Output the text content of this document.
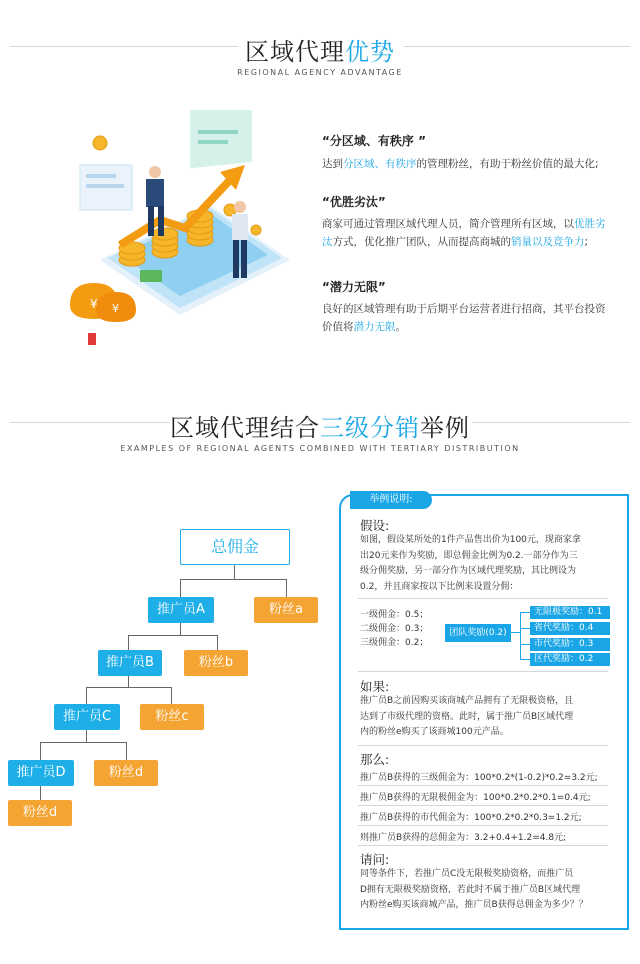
区域代理优势
REGIONAL AGENCY ADVANTAGE
¥ ¥
“分区域、有秩序 ”
达到分区域、有秩序的管理粉丝，有助于粉丝价值的最大化;
“优胜劣汰”
商家可通过管理区域代理人员，简介管理所有区域，以优胜劣
汰方式，优化推广团队，从而提高商城的销量以及竞争力;
“潜力无限”
良好的区域管理有助于后期平台运营者进行招商，其平台投资
价值将潜力无限。
区域代理结合三级分销举例
EXAMPLES OF REGIONAL AGENTS COMBINED WITH TERTIARY DISTRIBUTION
总佣金
推广员A	粉丝a
推广员B	粉丝b
推广员C	粉丝c
推广员D	粉丝d
粉丝d
举例说明:
假设:
如图，假设某所处的1件产品售出价为100元，现商家拿
出20元来作为奖励，即总佣金比例为0.2.一部分作为三
级分佣奖励，另一部分作为区域代理奖励，其比例设为
0.2，并且商家按以下比例来设置分佣：
一级佣金：0.5；
二级佣金：0.3；
三级佣金：0.2；
团队奖励(0.2)
无限极奖励：0.1
省代奖励：0.4
市代奖励：0.3
区代奖励：0.2
如果:
推广员B之前因购买该商城产品拥有了无限极资格，且
达到了市级代理的资格。此时，属于推广员B区域代理
内的粉丝e购买了该商城100元产品。
那么:
推广员B获得的三级佣金为：100*0.2*(1-0.2)*0.2=3.2元;
推广员B获得的无限极佣金为：100*0.2*0.2*0.1=0.4元;
推广员B获得的市代佣金为：100*0.2*0.2*0.3=1.2元;
则推广员B获得的总佣金为：3.2+0.4+1.2=4.8元;
请问:
同等条件下，若推广员C没无限极奖励资格，而推广员
D拥有无限极奖励资格，若此时不属于推广员B区域代理
内粉丝e购买该商城产品，推广员B获得总佣金为多少？？
